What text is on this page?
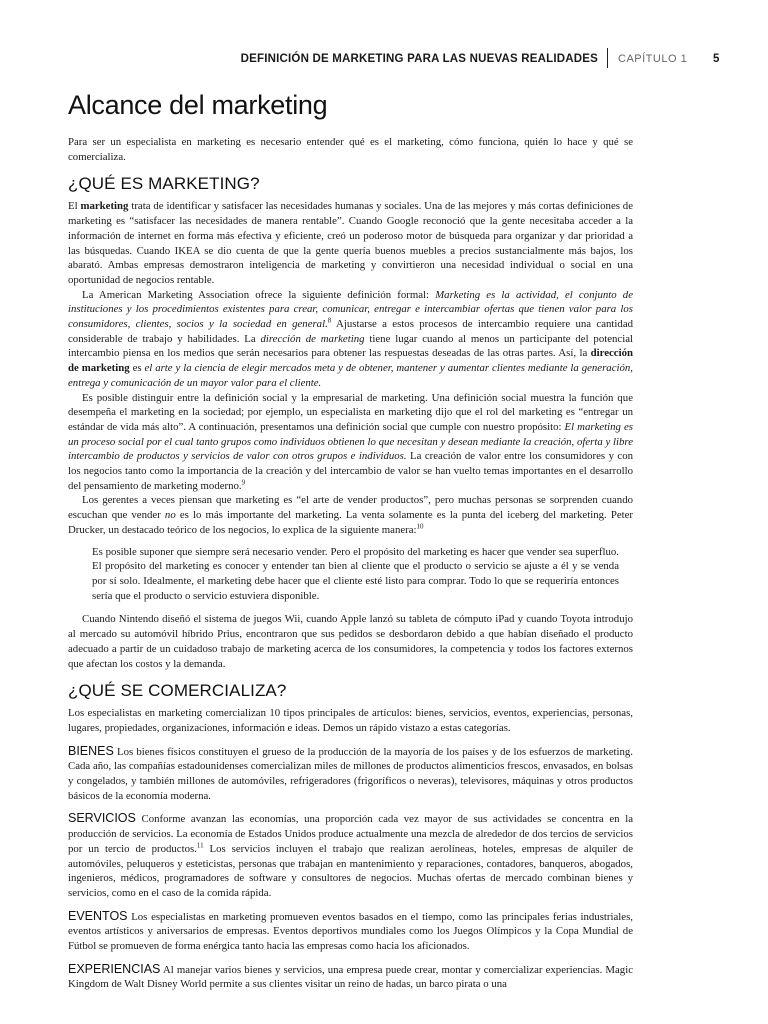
DEFINICIÓN DE MARKETING PARA LAS NUEVAS REALIDADES CAPÍTULO 1 5
Alcance del marketing

Para ser un especialista en marketing es necesario entender qué es el marketing, cómo funciona, quién lo hace y qué se comercializa.

¿QUÉ ES MARKETING?

El marketing trata de identificar y satisfacer las necesidades humanas y sociales. Una de las mejores y más cortas definiciones de marketing es “satisfacer las necesidades de manera rentable”. Cuando Google reconoció que la gente necesitaba acceder a la información de internet en forma más efectiva y eficiente, creó un poderoso motor de búsqueda para organizar y dar prioridad a las búsquedas. Cuando IKEA se dio cuenta de que la gente quería buenos muebles a precios sustancialmente más bajos, los abarató. Ambas empresas demostraron inteligencia de marketing y convirtieron una necesidad individual o social en una oportunidad de negocios rentable.

La American Marketing Association ofrece la siguiente definición formal: Marketing es la actividad, el conjunto de instituciones y los procedimientos existentes para crear, comunicar, entregar e intercambiar ofertas que tienen valor para los consumidores, clientes, socios y la sociedad en general.$^8$ Ajustarse a estos procesos de intercambio requiere una cantidad considerable de trabajo y habilidades. La dirección de marketing tiene lugar cuando al menos un participante del potencial intercambio piensa en los medios que serán necesarios para obtener las respuestas deseadas de las otras partes. Así, la dirección de marketing es el arte y la ciencia de elegir mercados meta y de obtener, mantener y aumentar clientes mediante la generación, entrega y comunicación de un mayor valor para el cliente.

Es posible distinguir entre la definición social y la empresarial de marketing. Una definición social muestra la función que desempeña el marketing en la sociedad; por ejemplo, un especialista en marketing dijo que el rol del marketing es “entregar un estándar de vida más alto”. A continuación, presentamos una definición social que cumple con nuestro propósito: El marketing es un proceso social por el cual tanto grupos como individuos obtienen lo que necesitan y desean mediante la creación, oferta y libre intercambio de productos y servicios de valor con otros grupos e individuos. La creación de valor entre los consumidores y con los negocios tanto como la importancia de la creación y del intercambio de valor se han vuelto temas importantes en el desarrollo del pensamiento de marketing moderno.$^9$

Los gerentes a veces piensan que marketing es “el arte de vender productos”, pero muchas personas se sorprenden cuando escuchan que vender no es lo más importante del marketing. La venta solamente es la punta del iceberg del marketing. Peter Drucker, un destacado teórico de los negocios, lo explica de la siguiente manera:$^{10}$

Es posible suponer que siempre será necesario vender. Pero el propósito del marketing es hacer que vender sea superfluo. El propósito del marketing es conocer y entender tan bien al cliente que el producto o servicio se ajuste a él y se venda por sí solo. Idealmente, el marketing debe hacer que el cliente esté listo para comprar. Todo lo que se requeriría entonces sería que el producto o servicio estuviera disponible.

Cuando Nintendo diseñó el sistema de juegos Wii, cuando Apple lanzó su tableta de cómputo iPad y cuando Toyota introdujo al mercado su automóvil híbrido Prius, encontraron que sus pedidos se desbordaron debido a que habían diseñado el producto adecuado a partir de un cuidadoso trabajo de marketing acerca de los consumidores, la competencia y todos los factores externos que afectan los costos y la demanda.

¿QUÉ SE COMERCIALIZA?

Los especialistas en marketing comercializan 10 tipos principales de artículos: bienes, servicios, eventos, experiencias, personas, lugares, propiedades, organizaciones, información e ideas. Demos un rápido vistazo a estas categorías.

BIENES Los bienes físicos constituyen el grueso de la producción de la mayoría de los países y de los esfuerzos de marketing. Cada año, las compañías estadounidenses comercializan miles de millones de productos alimenticios frescos, envasados, en bolsas y congelados, y también millones de automóviles, refrigeradores (frigoríficos o neveras), televisores, máquinas y otros productos básicos de la economía moderna.

SERVICIOS Conforme avanzan las economías, una proporción cada vez mayor de sus actividades se concentra en la producción de servicios. La economía de Estados Unidos produce actualmente una mezcla de alrededor de dos tercios de servicios por un tercio de productos.$^{11}$ Los servicios incluyen el trabajo que realizan aerolíneas, hoteles, empresas de alquiler de automóviles, peluqueros y esteticistas, personas que trabajan en mantenimiento y reparaciones, contadores, banqueros, abogados, ingenieros, médicos, programadores de software y consultores de negocios. Muchas ofertas de mercado combinan bienes y servicios, como en el caso de la comida rápida.

EVENTOS Los especialistas en marketing promueven eventos basados en el tiempo, como las principales ferias industriales, eventos artísticos y aniversarios de empresas. Eventos deportivos mundiales como los Juegos Olímpicos y la Copa Mundial de Fútbol se promueven de forma enérgica tanto hacia las empresas como hacia los aficionados.

EXPERIENCIAS Al manejar varios bienes y servicios, una empresa puede crear, montar y comercializar experiencias. Magic Kingdom de Walt Disney World permite a sus clientes visitar un reino de hadas, un barco pirata o una
